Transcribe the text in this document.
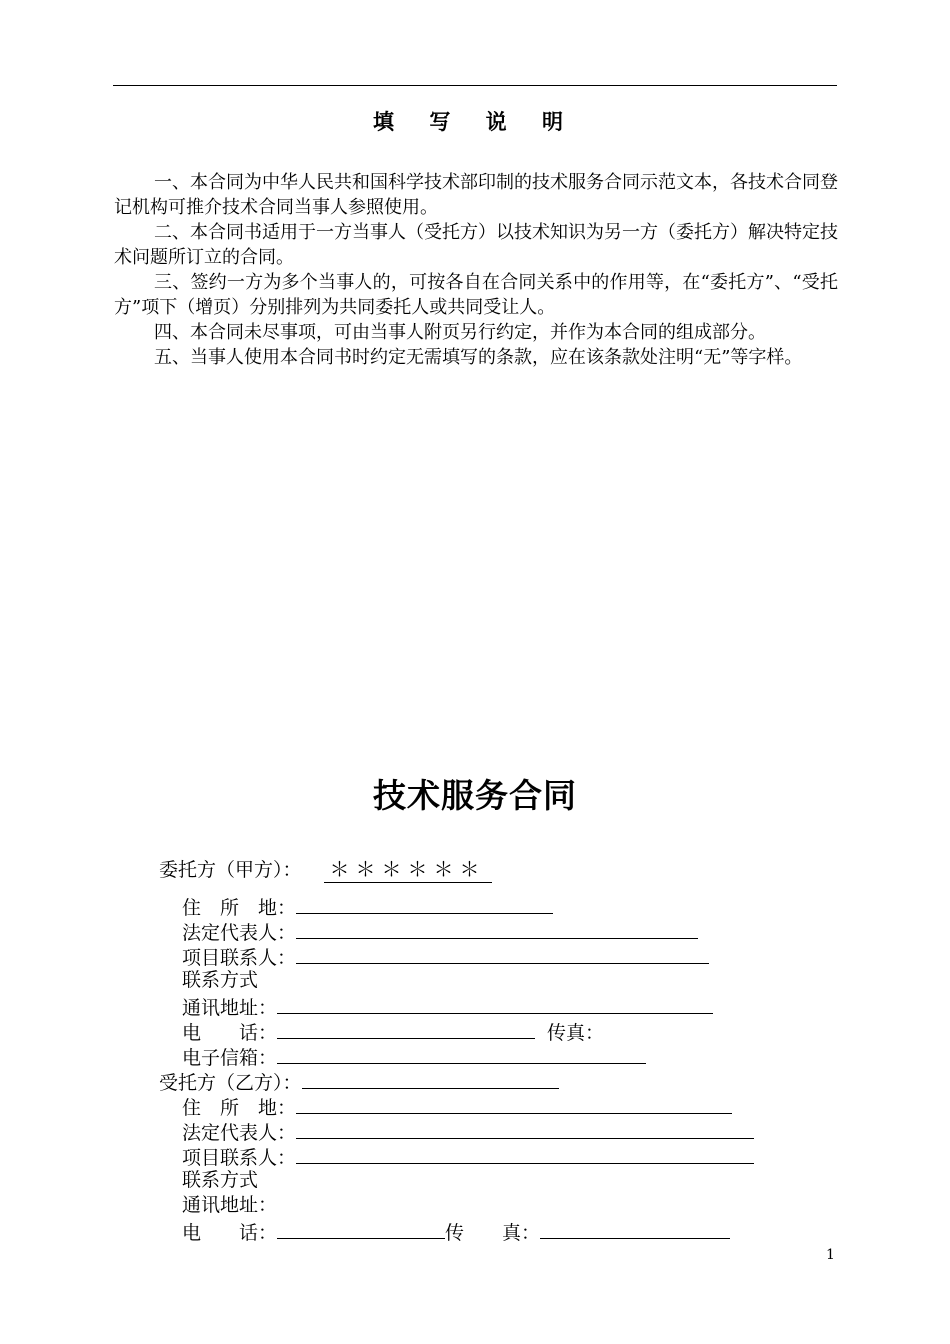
填 写 说 明

一、本合同为中华人民共和国科学技术部印制的技术服务合同示范文本，各技术合同登记机构可推介技术合同当事人参照使用。

二、本合同书适用于一方当事人（受托方）以技术知识为另一方（委托方）解决特定技术问题所订立的合同。

三、签约一方为多个当事人的，可按各自在合同关系中的作用等，在“委托方”、“受托方”项下（增页）分别排列为共同委托人或共同受让人。

四、本合同未尽事项，可由当事人附页另行约定，并作为本合同的组成部分。

五、当事人使用本合同书时约定无需填写的条款，应在该条款处注明“无”等字样。

技术服务合同
委托方（甲方）： ＊＊＊＊＊＊
住　所　地：
法定代表人：
项目联系人：
联系方式
通讯地址：
电　　话：	传真：
电子信箱：
受托方（乙方）：
住　所　地：
法定代表人：
项目联系人：
联系方式
通讯地址：
电　　话：	传　　真：
1
